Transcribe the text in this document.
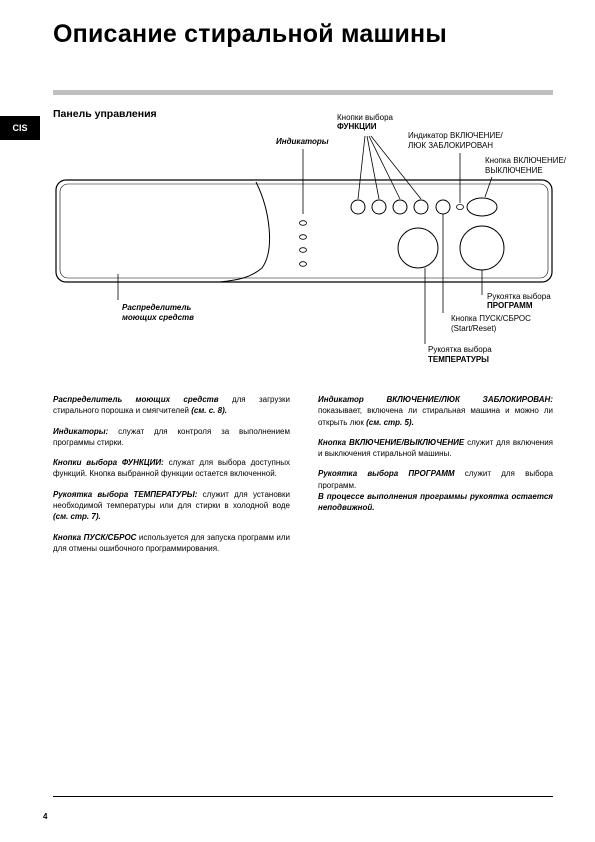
Описание стиральной машины
CIS
Панель управления
Индикаторы
Кнопки выбора
ФУНКЦИИ
Индикатор ВКЛЮЧЕНИЕ/
ЛЮК ЗАБЛОКИРОВАН
Кнопка ВКЛЮЧЕНИЕ/
ВЫКЛЮЧЕНИЕ
Рукоятка выбора
ПРОГРАММ
Кнопка ПУСК/СБРОС
(Start/Reset)
Рукоятка выбора
ТЕМПЕРАТУРЫ
Распределитель
моющих средств

Распределитель моющих средств для загрузки стирального порошка и смягчителей (см. с. 8).

Индикаторы: служат для контроля за выполнением программы стирки.

Кнопки выбора ФУНКЦИИ: служат для выбора доступных функций. Кнопка выбранной функции остается включенной.

Рукоятка выбора ТЕМПЕРАТУРЫ: служит для установки необходимой температуры или для стирки в холодной воде (см. стр. 7).

Кнопка ПУСК/СБРОС используется для запуска программ или для отмены ошибочного программирования.

Индикатор ВКЛЮЧЕНИЕ/ЛЮК ЗАБЛОКИРОВАН: показывает, включена ли стиральная машина и можно ли открыть люк (см. стр. 5).

Кнопка ВКЛЮЧЕНИЕ/ВЫКЛЮЧЕНИЕ служит для включения и выключения стиральной машины.

Рукоятка выбора ПРОГРАММ служит для выбора программ.

В процессе выполнения программы рукоятка остается неподвижной.

4
